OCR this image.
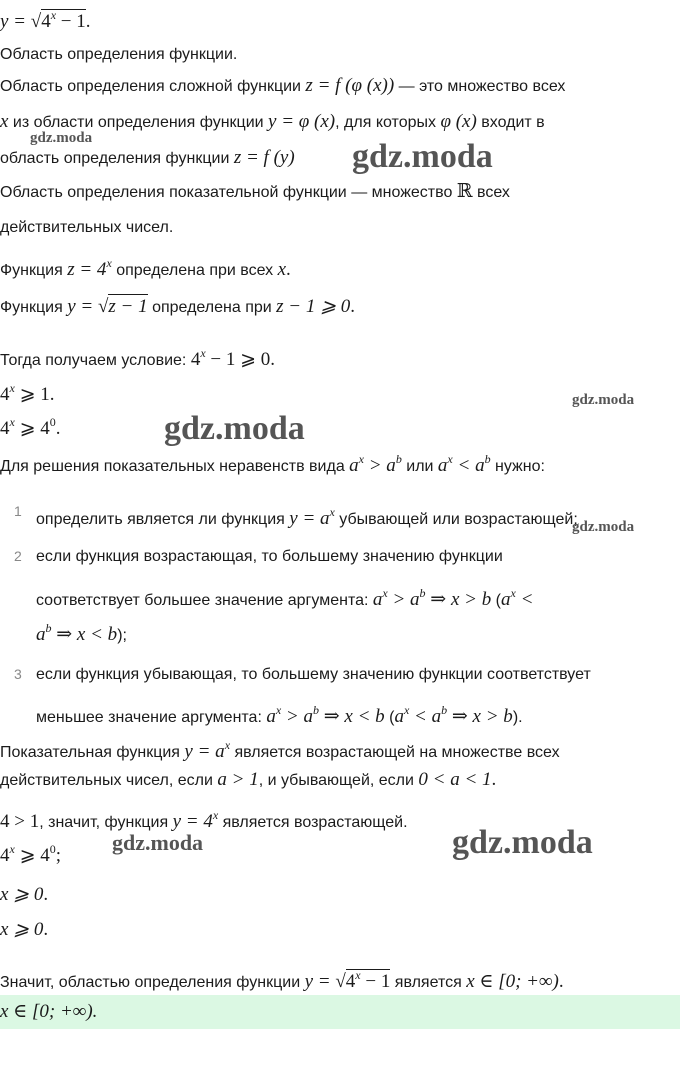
$y = √4^x - 1$.
Область определения функции.
Область определения сложной функции z = f (φ (x)) — это множество всех
x из области определения функции y = φ (x), для которых φ (x) входит в
область определения функции z = f (y)
Область определения показательной функции — множество ℝ всех
действительных чисел.
Функция $z = 4^x$ определена при всех x.
Функция y = √z − 1 определена при z − 1 ⩾ 0.
Тогда получаем условие: $4^x - 1$ ⩾ 0.
4$^x$ ⩾ 1.
4$^x$ ⩾ $4^0$.
Для решения показательных неравенств вида $a^x > a^b$ или $a^x < a^b$ нужно:
1 определить является ли функция $y = a^x$ убывающей или возрастающей;
2 если функция возрастающая, то большему значению функции
соответствует большее значение аргумента: $a^x > a^b$ ⇒ x > b ($a^x$ <
$a^b$ ⇒ x < b);
3 если функция убывающая, то большему значению функции соответствует
меньшее значение аргумента: $a^x > a^b$ ⇒ x < b ($a^x < a^b$ ⇒ x > b).
Показательная функция $y = a^x$ является возрастающей на множестве всех
действительных чисел, если a > 1, и убывающей, если 0 < a < 1.
4 > 1, значит, функция $y = 4^x$ является возрастающей.
4$^x$ ⩾ $4^0$;
x ⩾ 0.
x ⩾ 0.
Значит, областью определения функции $y = √4^x - 1$ является x ∈ [0; +∞).
x ∈ [0; +∞).
gdz.moda	gdz.moda
gdz.moda
gdz.moda
gdz.moda
gdz.moda	gdz.moda
